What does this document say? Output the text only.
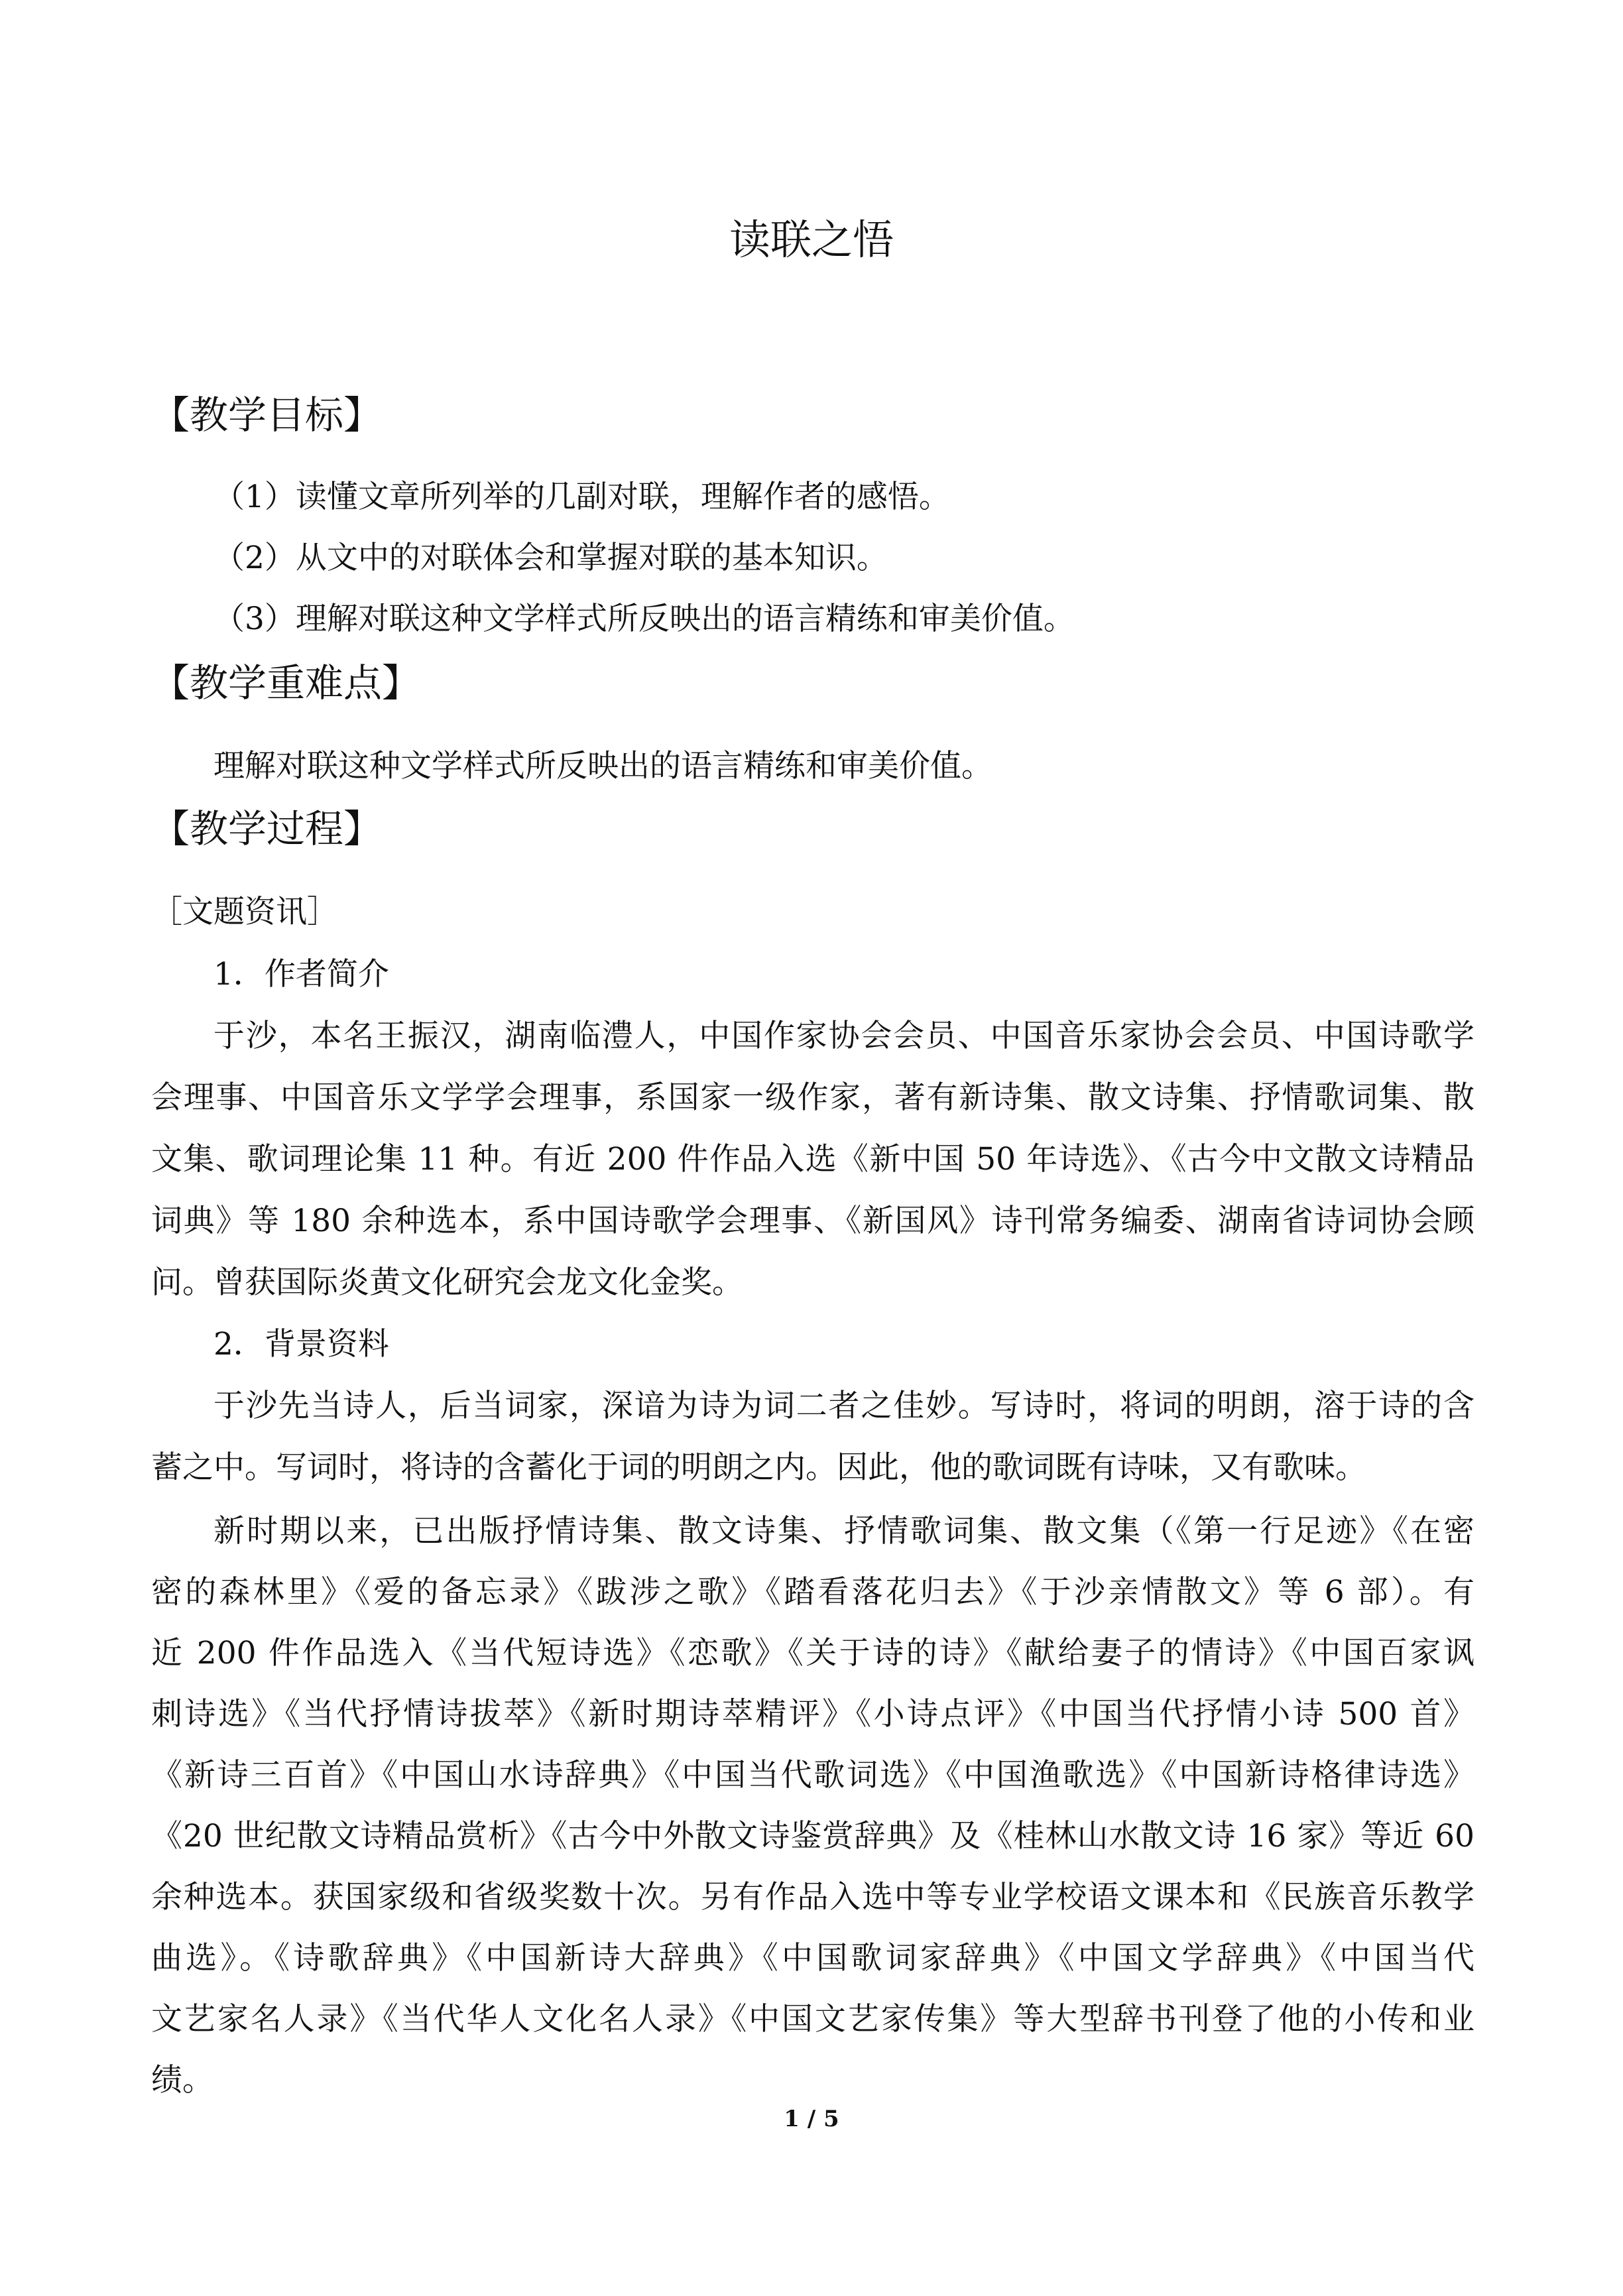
读联之悟
【教学目标】
（1）读懂文章所列举的几副对联，理解作者的感悟。
（2）从文中的对联体会和掌握对联的基本知识。
（3）理解对联这种文学样式所反映出的语言精练和审美价值。
【教学重难点】
理解对联这种文学样式所反映出的语言精练和审美价值。
【教学过程】
［文题资讯］
1．作者简介
于沙，本名王振汉，湖南临澧人，中国作家协会会员、中国音乐家协会会员、中国诗歌学
会理事、中国音乐文学学会理事，系国家一级作家，著有新诗集、散文诗集、抒情歌词集、散
文集、歌词理论集 11 种。有近 200 件作品入选《新中国 50 年诗选》、《古今中文散文诗精品
词典》等 180 余种选本，系中国诗歌学会理事、《新国风》诗刊常务编委、湖南省诗词协会顾
问。曾获国际炎黄文化研究会龙文化金奖。
2．背景资料
于沙先当诗人，后当词家，深谙为诗为词二者之佳妙。写诗时，将词的明朗，溶于诗的含
蓄之中。写词时，将诗的含蓄化于词的明朗之内。因此，他的歌词既有诗味，又有歌味。
新时期以来，已出版抒情诗集、散文诗集、抒情歌词集、散文集（《第一行足迹》《在密
密的森林里》《爱的备忘录》《跋涉之歌》《踏看落花归去》《于沙亲情散文》等 6 部）。有
近 200 件作品选入《当代短诗选》《恋歌》《关于诗的诗》《献给妻子的情诗》《中国百家讽
刺诗选》《当代抒情诗拔萃》《新时期诗萃精评》《小诗点评》《中国当代抒情小诗 500 首》
《新诗三百首》《中国山水诗辞典》《中国当代歌词选》《中国渔歌选》《中国新诗格律诗选》
《20 世纪散文诗精品赏析》《古今中外散文诗鉴赏辞典》及《桂林山水散文诗 16 家》等近 60
余种选本。获国家级和省级奖数十次。另有作品入选中等专业学校语文课本和《民族音乐教学
曲选》。《诗歌辞典》《中国新诗大辞典》《中国歌词家辞典》《中国文学辞典》《中国当代
文艺家名人录》《当代华人文化名人录》《中国文艺家传集》等大型辞书刊登了他的小传和业
绩。
1 / 5
